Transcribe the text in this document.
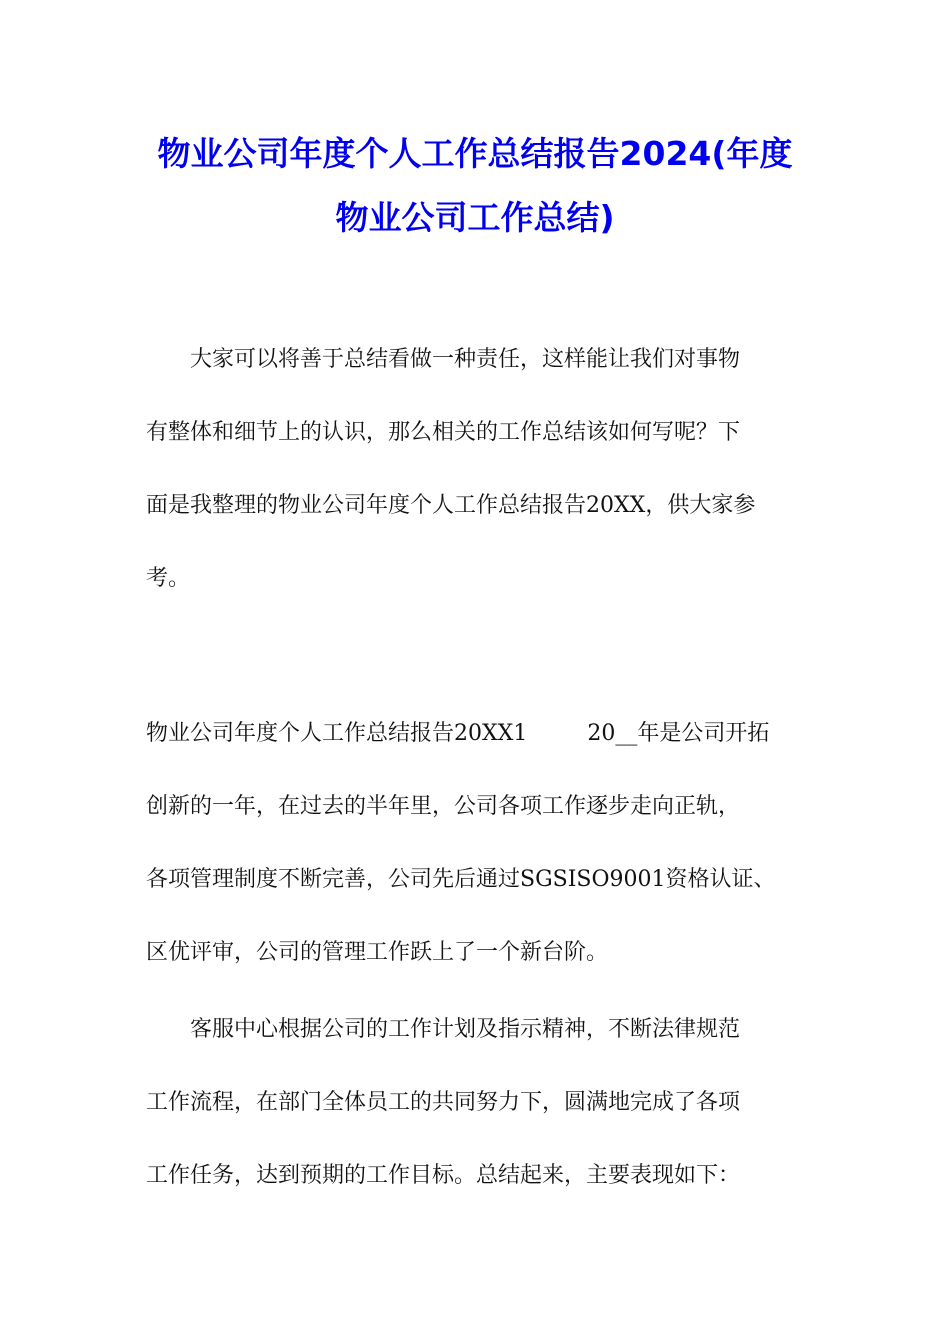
物业公司年度个人工作总结报告2024(年度
物业公司工作总结)
大家可以将善于总结看做一种责任，这样能让我们对事物
有整体和细节上的认识，那么相关的工作总结该如何写呢？下
面是我整理的物业公司年度个人工作总结报告20XX，供大家参
考。
物业公司年度个人工作总结报告20XX1	20__年是公司开拓
创新的一年，在过去的半年里，公司各项工作逐步走向正轨，
各项管理制度不断完善，公司先后通过SGSISO9001资格认证、
区优评审，公司的管理工作跃上了一个新台阶。
客服中心根据公司的工作计划及指示精神，不断法律规范
工作流程，在部门全体员工的共同努力下，圆满地完成了各项
工作任务，达到预期的工作目标。总结起来，主要表现如下：
